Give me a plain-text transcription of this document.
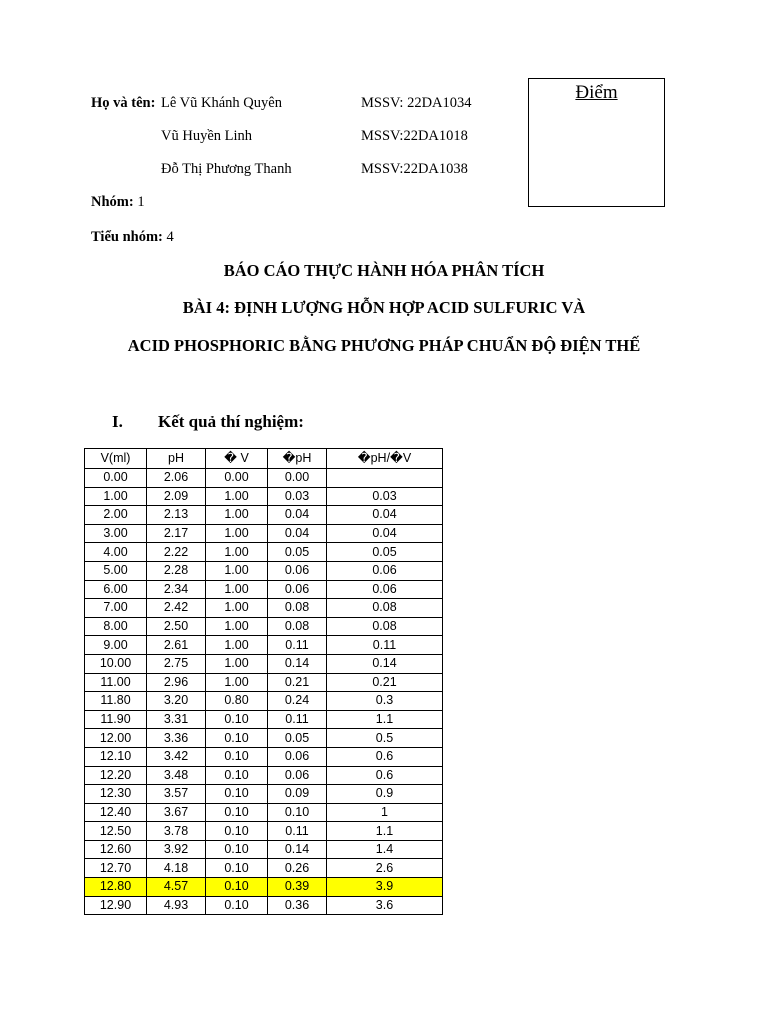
Họ và tên: Lê Vũ Khánh Quyên	MSSV: 22DA1034
Vũ Huyền Linh	MSSV:22DA1018
Đỗ Thị Phương Thanh	MSSV:22DA1038
Nhóm: 1
Tiểu nhóm: 4
Điểm
BÁO CÁO THỰC HÀNH HÓA PHÂN TÍCH
BÀI 4: ĐỊNH LƯỢNG HỖN HỢP ACID SULFURIC VÀ
ACID PHOSPHORIC BẰNG PHƯƠNG PHÁP CHUẨN ĐỘ ĐIỆN THẾ
I. Kết quả thí nghiệm:
V(ml)	pH	� V	�pH	�pH/�V
0.00	2.06	0.00	0.00	
1.00	2.09	1.00	0.03	0.03
2.00	2.13	1.00	0.04	0.04
3.00	2.17	1.00	0.04	0.04
4.00	2.22	1.00	0.05	0.05
5.00	2.28	1.00	0.06	0.06
6.00	2.34	1.00	0.06	0.06
7.00	2.42	1.00	0.08	0.08
8.00	2.50	1.00	0.08	0.08
9.00	2.61	1.00	0.11	0.11
10.00	2.75	1.00	0.14	0.14
11.00	2.96	1.00	0.21	0.21
11.80	3.20	0.80	0.24	0.3
11.90	3.31	0.10	0.11	1.1
12.00	3.36	0.10	0.05	0.5
12.10	3.42	0.10	0.06	0.6
12.20	3.48	0.10	0.06	0.6
12.30	3.57	0.10	0.09	0.9
12.40	3.67	0.10	0.10	1
12.50	3.78	0.10	0.11	1.1
12.60	3.92	0.10	0.14	1.4
12.70	4.18	0.10	0.26	2.6
12.80	4.57	0.10	0.39	3.9
12.90	4.93	0.10	0.36	3.6
